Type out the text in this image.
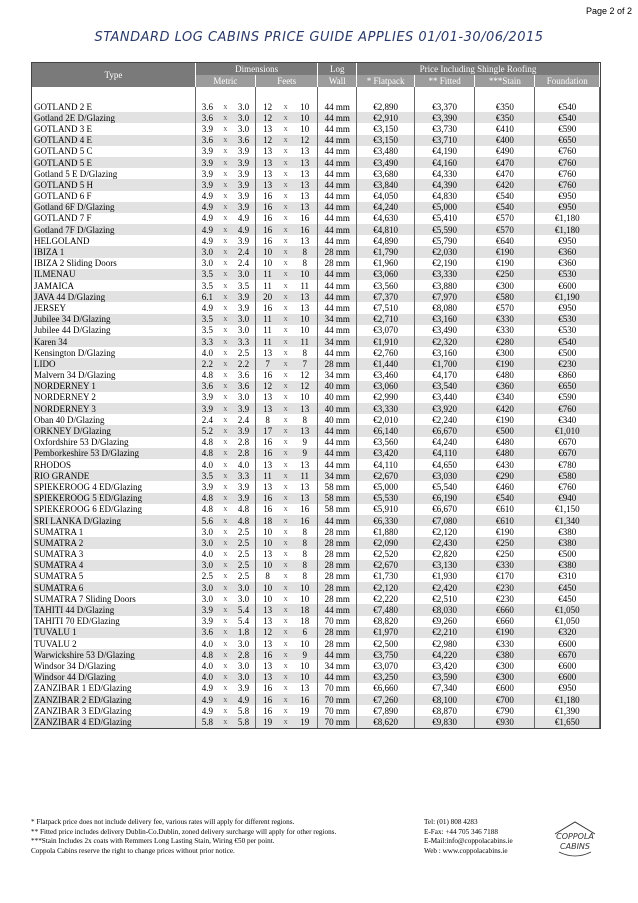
Page 2 of 2
STANDARD LOG CABINS PRICE GUIDE APPLIES 01/01-30/06/2015
Type	Dimensions						Log	Price Including Shingle Roofing			
	Metric			Feets			Wall	* Flatpack	** Fitted	***Stain	Foundation

GOTLAND 2 E	3.6	x	3.0	12	x	10	44 mm	€2,890	€3,370	€350	€540
Gotland 2E D/Glazing	3.6	x	3.0	12	x	10	44 mm	€2,910	€3,390	€350	€540
GOTLAND 3 E	3.9	x	3.0	13	x	10	44 mm	€3,150	€3,730	€410	€590
GOTLAND 4 E	3.6	x	3.6	12	x	12	44 mm	€3,150	€3,710	€400	€650
GOTLAND 5 C	3.9	x	3.9	13	x	13	44 mm	€3,480	€4,190	€490	€760
GOTLAND 5 E	3.9	x	3.9	13	x	13	44 mm	€3,490	€4,160	€470	€760
Gotland 5 E D/Glazing	3.9	x	3.9	13	x	13	44 mm	€3,680	€4,330	€470	€760
GOTLAND 5 H	3.9	x	3.9	13	x	13	44 mm	€3,840	€4,390	€420	€760
GOTLAND 6 F	4.9	x	3.9	16	x	13	44 mm	€4,050	€4,830	€540	€950
Gotland 6F D/Glazing	4.9	x	3.9	16	x	13	44 mm	€4,240	€5,000	€540	€950
GOTLAND 7 F	4.9	x	4.9	16	x	16	44 mm	€4,630	€5,410	€570	€1,180
Gotland 7F D/Glazing	4.9	x	4.9	16	x	16	44 mm	€4,810	€5,590	€570	€1,180
HELGOLAND	4.9	x	3.9	16	x	13	44 mm	€4,890	€5,790	€640	€950
IBIZA 1	3.0	x	2.4	10	x	8	28 mm	€1,790	€2,030	€190	€360
IBIZA 2 Sliding Doors	3.0	x	2.4	10	x	8	28 mm	€1,960	€2,190	€190	€360
ILMENAU	3.5	x	3.0	11	x	10	44 mm	€3,060	€3,330	€250	€530
JAMAICA	3.5	x	3.5	11	x	11	44 mm	€3,560	€3,880	€300	€600
JAVA 44 D/Glazing	6.1	x	3.9	20	x	13	44 mm	€7,370	€7,970	€580	€1,190
JERSEY	4.9	x	3.9	16	x	13	44 mm	€7,510	€8,080	€570	€950
Jubilee 34 D/Glazing	3.5	x	3.0	11	x	10	34 mm	€2,710	€3,160	€330	€530
Jubilee 44 D/Glazing	3.5	x	3.0	11	x	10	44 mm	€3,070	€3,490	€330	€530
Karen 34	3.3	x	3.3	11	x	11	34 mm	€1,910	€2,320	€280	€540
Kensington D/Glazing	4.0	x	2.5	13	x	8	44 mm	€2,760	€3,160	€300	€500
LIDO	2.2	x	2.2	7	x	7	28 mm	€1,440	€1,700	€190	€230
Malvern 34 D/Glazing	4.8	x	3.6	16	x	12	34 mm	€3,460	€4,170	€480	€860
NORDERNEY 1	3.6	x	3.6	12	x	12	40 mm	€3,060	€3,540	€360	€650
NORDERNEY 2	3.9	x	3.0	13	x	10	40 mm	€2,990	€3,440	€340	€590
NORDERNEY 3	3.9	x	3.9	13	x	13	40 mm	€3,330	€3,920	€420	€760
Oban 40 D/Glazing	2.4	x	2.4	8	x	8	40 mm	€2,010	€2,240	€190	€340
ORKNEY D/Glazing	5.2	x	3.9	17	x	13	44 mm	€6,140	€6,670	€500	€1,010
Oxfordshire 53 D/Glazing	4.8	x	2.8	16	x	9	44 mm	€3,560	€4,240	€480	€670
Pemborkeshire 53 D/Glazing	4.8	x	2.8	16	x	9	44 mm	€3,420	€4,110	€480	€670
RHODOS	4.0	x	4.0	13	x	13	44 mm	€4,110	€4,650	€430	€780
RIO GRANDE	3.5	x	3.3	11	x	11	34 mm	€2,670	€3,030	€290	€580
SPIEKEROOG 4 ED/Glazing	3.9	x	3.9	13	x	13	58 mm	€5,000	€5,540	€460	€760
SPIEKEROOG 5 ED/Glazing	4.8	x	3.9	16	x	13	58 mm	€5,530	€6,190	€540	€940
SPIEKEROOG 6 ED/Glazing	4.8	x	4.8	16	x	16	58 mm	€5,910	€6,670	€610	€1,150
SRI LANKA D/Glazing	5.6	x	4.8	18	x	16	44 mm	€6,330	€7,080	€610	€1,340
SUMATRA 1	3.0	x	2.5	10	x	8	28 mm	€1,880	€2,120	€190	€380
SUMATRA 2	3.0	x	2.5	10	x	8	28 mm	€2,090	€2,430	€250	€380
SUMATRA 3	4.0	x	2.5	13	x	8	28 mm	€2,520	€2,820	€250	€500
SUMATRA 4	3.0	x	2.5	10	x	8	28 mm	€2,670	€3,130	€330	€380
SUMATRA 5	2.5	x	2.5	8	x	8	28 mm	€1,730	€1,930	€170	€310
SUMATRA 6	3.0	x	3.0	10	x	10	28 mm	€2,120	€2,420	€230	€450
SUMATRA 7 Sliding Doors	3.0	x	3.0	10	x	10	28 mm	€2,220	€2,510	€230	€450
TAHITI 44 D/Glazing	3.9	x	5.4	13	x	18	44 mm	€7,480	€8,030	€660	€1,050
TAHITI 70 ED/Glazing	3.9	x	5.4	13	x	18	70 mm	€8,820	€9,260	€660	€1,050
TUVALU 1	3.6	x	1.8	12	x	6	28 mm	€1,970	€2,210	€190	€320
TUVALU 2	4.0	x	3.0	13	x	10	28 mm	€2,500	€2,980	€330	€600
Warwickshire 53 D/Glazing	4.8	x	2.8	16	x	9	44 mm	€3,750	€4,220	€380	€670
Windsor 34 D/Glazing	4.0	x	3.0	13	x	10	34 mm	€3,070	€3,420	€300	€600
Windsor 44 D/Glazing	4.0	x	3.0	13	x	10	44 mm	€3,250	€3,590	€300	€600
ZANZIBAR 1 ED/Glazing	4.9	x	3.9	16	x	13	70 mm	€6,660	€7,340	€600	€950
ZANZIBAR 2 ED/Glazing	4.9	x	4.9	16	x	16	70 mm	€7,260	€8,100	€700	€1,180
ZANZIBAR 3 ED/Glazing	4.9	x	5.8	16	x	19	70 mm	€7,890	€8,870	€790	€1,390
ZANZIBAR 4 ED/Glazing	5.8	x	5.8	19	x	19	70 mm	€8,620	€9,830	€930	€1,650
* Flatpack price does not include delivery fee, various rates will apply for different regions.
** Fitted price includes delivery Dublin-Co.Dublin, zoned delivery surcharge will apply for other regions.
***Stain Includes 2x coats with Remmers Long Lasting Stain, Wiring €50 per point.
Coppola Cabins reserve the right to change prices without prior notice.
Tel: (01) 808 4283
E-Fax: +44 705 346 7188
E-Mail:info@coppolacabins.ie
Web : www.coppolacabins.ie
COPPOLA
CABINS
